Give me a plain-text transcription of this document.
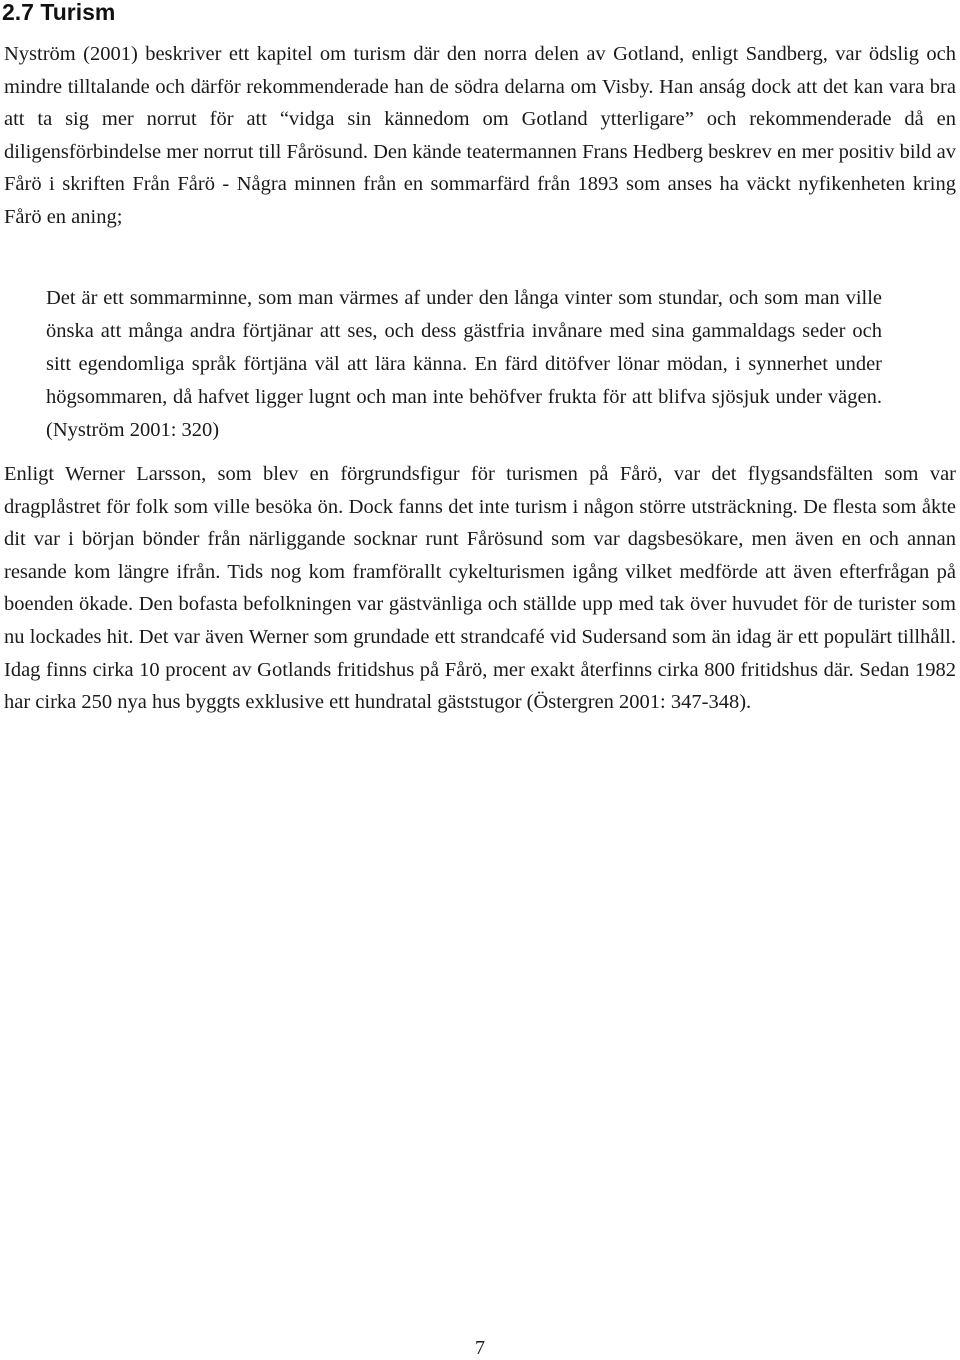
2.7 Turism

Nyström (2001) beskriver ett kapitel om turism där den norra delen av Gotland, enligt Sandberg, var ödslig och mindre tilltalande och därför rekommenderade han de södra delarna om Visby. Han anság dock att det kan vara bra att ta sig mer norrut för att “vidga sin kännedom om Gotland ytterligare” och rekommenderade då en diligensförbindelse mer norrut till Fårösund. Den kände teatermannen Frans Hedberg beskrev en mer positiv bild av Fårö i skriften Från Fårö - Några minnen från en sommarfärd från 1893 som anses ha väckt nyfikenheten kring Fårö en aning;

Det är ett sommarminne, som man värmes af under den långa vinter som stundar, och som man ville önska att många andra förtjänar att ses, och dess gästfria invånare med sina gammaldags seder och sitt egendomliga språk förtjäna väl att lära känna. En färd ditöfver lönar mödan, i synnerhet under högsommaren, då hafvet ligger lugnt och man inte behöfver frukta för att blifva sjösjuk under vägen. (Nyström 2001: 320)

Enligt Werner Larsson, som blev en förgrundsfigur för turismen på Fårö, var det flygsandsfälten som var dragplåstret för folk som ville besöka ön. Dock fanns det inte turism i någon större utsträckning. De flesta som åkte dit var i början bönder från närliggande socknar runt Fårösund som var dagsbesökare, men även en och annan resande kom längre ifrån. Tids nog kom framförallt cykelturismen igång vilket medförde att även efterfrågan på boenden ökade. Den bofasta befolkningen var gästvänliga och ställde upp med tak över huvudet för de turister som nu lockades hit. Det var även Werner som grundade ett strandcafé vid Sudersand som än idag är ett populärt tillhåll. Idag finns cirka 10 procent av Gotlands fritidshus på Fårö, mer exakt återfinns cirka 800 fritidshus där. Sedan 1982 har cirka 250 nya hus byggts exklusive ett hundratal gäststugor (Östergren 2001: 347-348).

7
